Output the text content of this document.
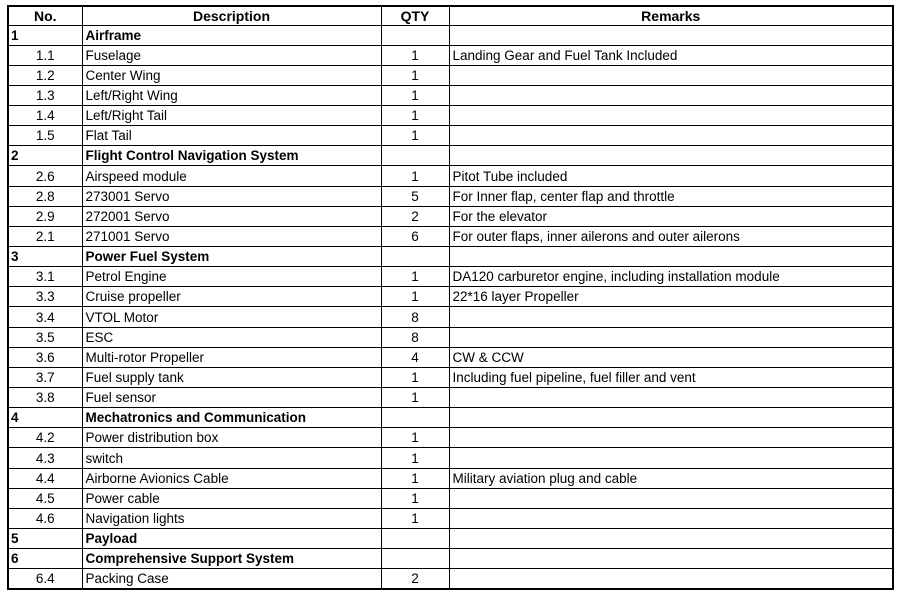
No.	Description	QTY	Remarks
1	Airframe		
1.1	Fuselage	1	Landing Gear and Fuel Tank Included
1.2	Center Wing	1	
1.3	Left/Right Wing	1	
1.4	Left/Right Tail	1	
1.5	Flat Tail	1	
2	Flight Control Navigation System		
2.6	Airspeed module	1	Pitot Tube included
2.8	273001 Servo	5	For Inner flap, center flap and throttle
2.9	272001 Servo	2	For the elevator
2.1	271001 Servo	6	For outer flaps, inner ailerons and outer ailerons
3	Power Fuel System		
3.1	Petrol Engine	1	DA120 carburetor engine, including installation module
3.3	Cruise propeller	1	22*16 layer Propeller
3.4	VTOL Motor	8	
3.5	ESC	8	
3.6	Multi-rotor Propeller	4	CW & CCW
3.7	Fuel supply tank	1	Including fuel pipeline, fuel filler and vent
3.8	Fuel sensor	1	
4	Mechatronics and Communication		
4.2	Power distribution box	1	
4.3	switch	1	
4.4	Airborne Avionics Cable	1	Military aviation plug and cable
4.5	Power cable	1	
4.6	Navigation lights	1	
5	Payload		
6	Comprehensive Support System		
6.4	Packing Case	2	
